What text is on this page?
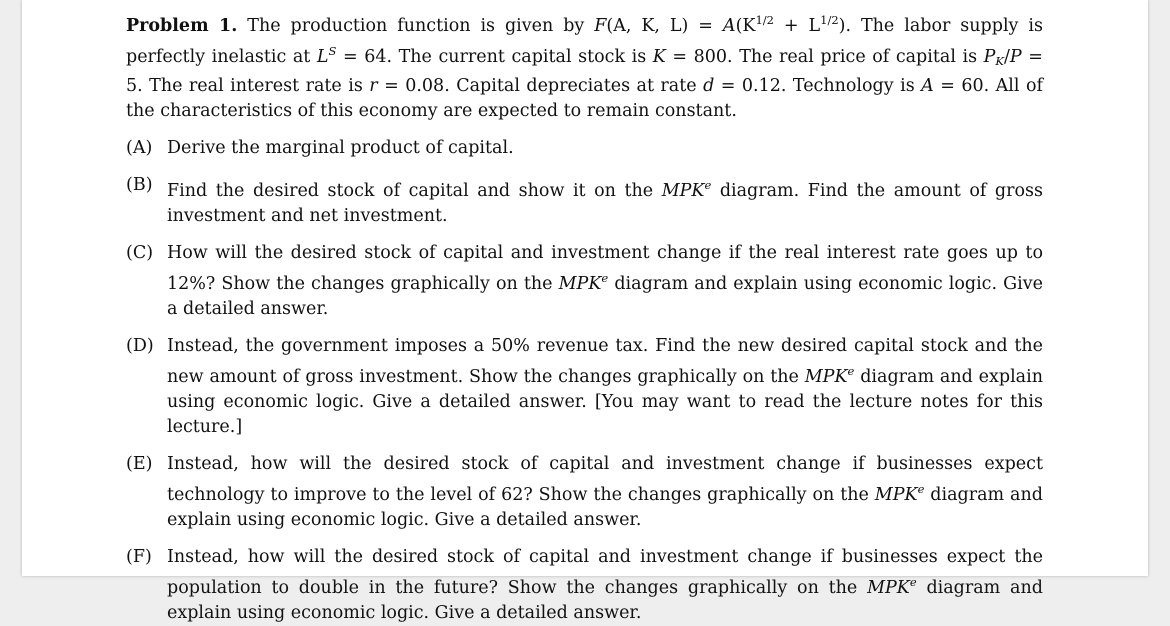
Problem 1. The production function is given by F(A, K, $L) = A(K^{1/2} + L^{1/2})$. The labor supply is perfectly inelastic at $L^S = 64$. The current capital stock is K = 800. The real price of capital is PK/P = 5. The real interest rate is r = 0.08. Capital depreciates at rate d = 0.12. Technology is A = 60. All of the characteristics of this economy are expected to remain constant.

(A) Derive the marginal product of capital.
(B) Find the desired stock of capital and show it on the MPK$^e$ diagram. Find the amount of gross investment and net investment.
(C) How will the desired stock of capital and investment change if the real interest rate goes up to 12%? Show the changes graphically on the MPK$^e$ diagram and explain using economic logic. Give a detailed answer.
(D) Instead, the government imposes a 50% revenue tax. Find the new desired capital stock and the new amount of gross investment. Show the changes graphically on the MPK$^e$ diagram and explain using economic logic. Give a detailed answer. [You may want to read the lecture notes for this lecture.]
(E) Instead, how will the desired stock of capital and investment change if businesses expect technology to improve to the level of 62? Show the changes graphically on the MPK$^e$ diagram and explain using economic logic. Give a detailed answer.
(F) Instead, how will the desired stock of capital and investment change if businesses expect the population to double in the future? Show the changes graphically on the MPK$^e$ diagram and explain using economic logic. Give a detailed answer.
